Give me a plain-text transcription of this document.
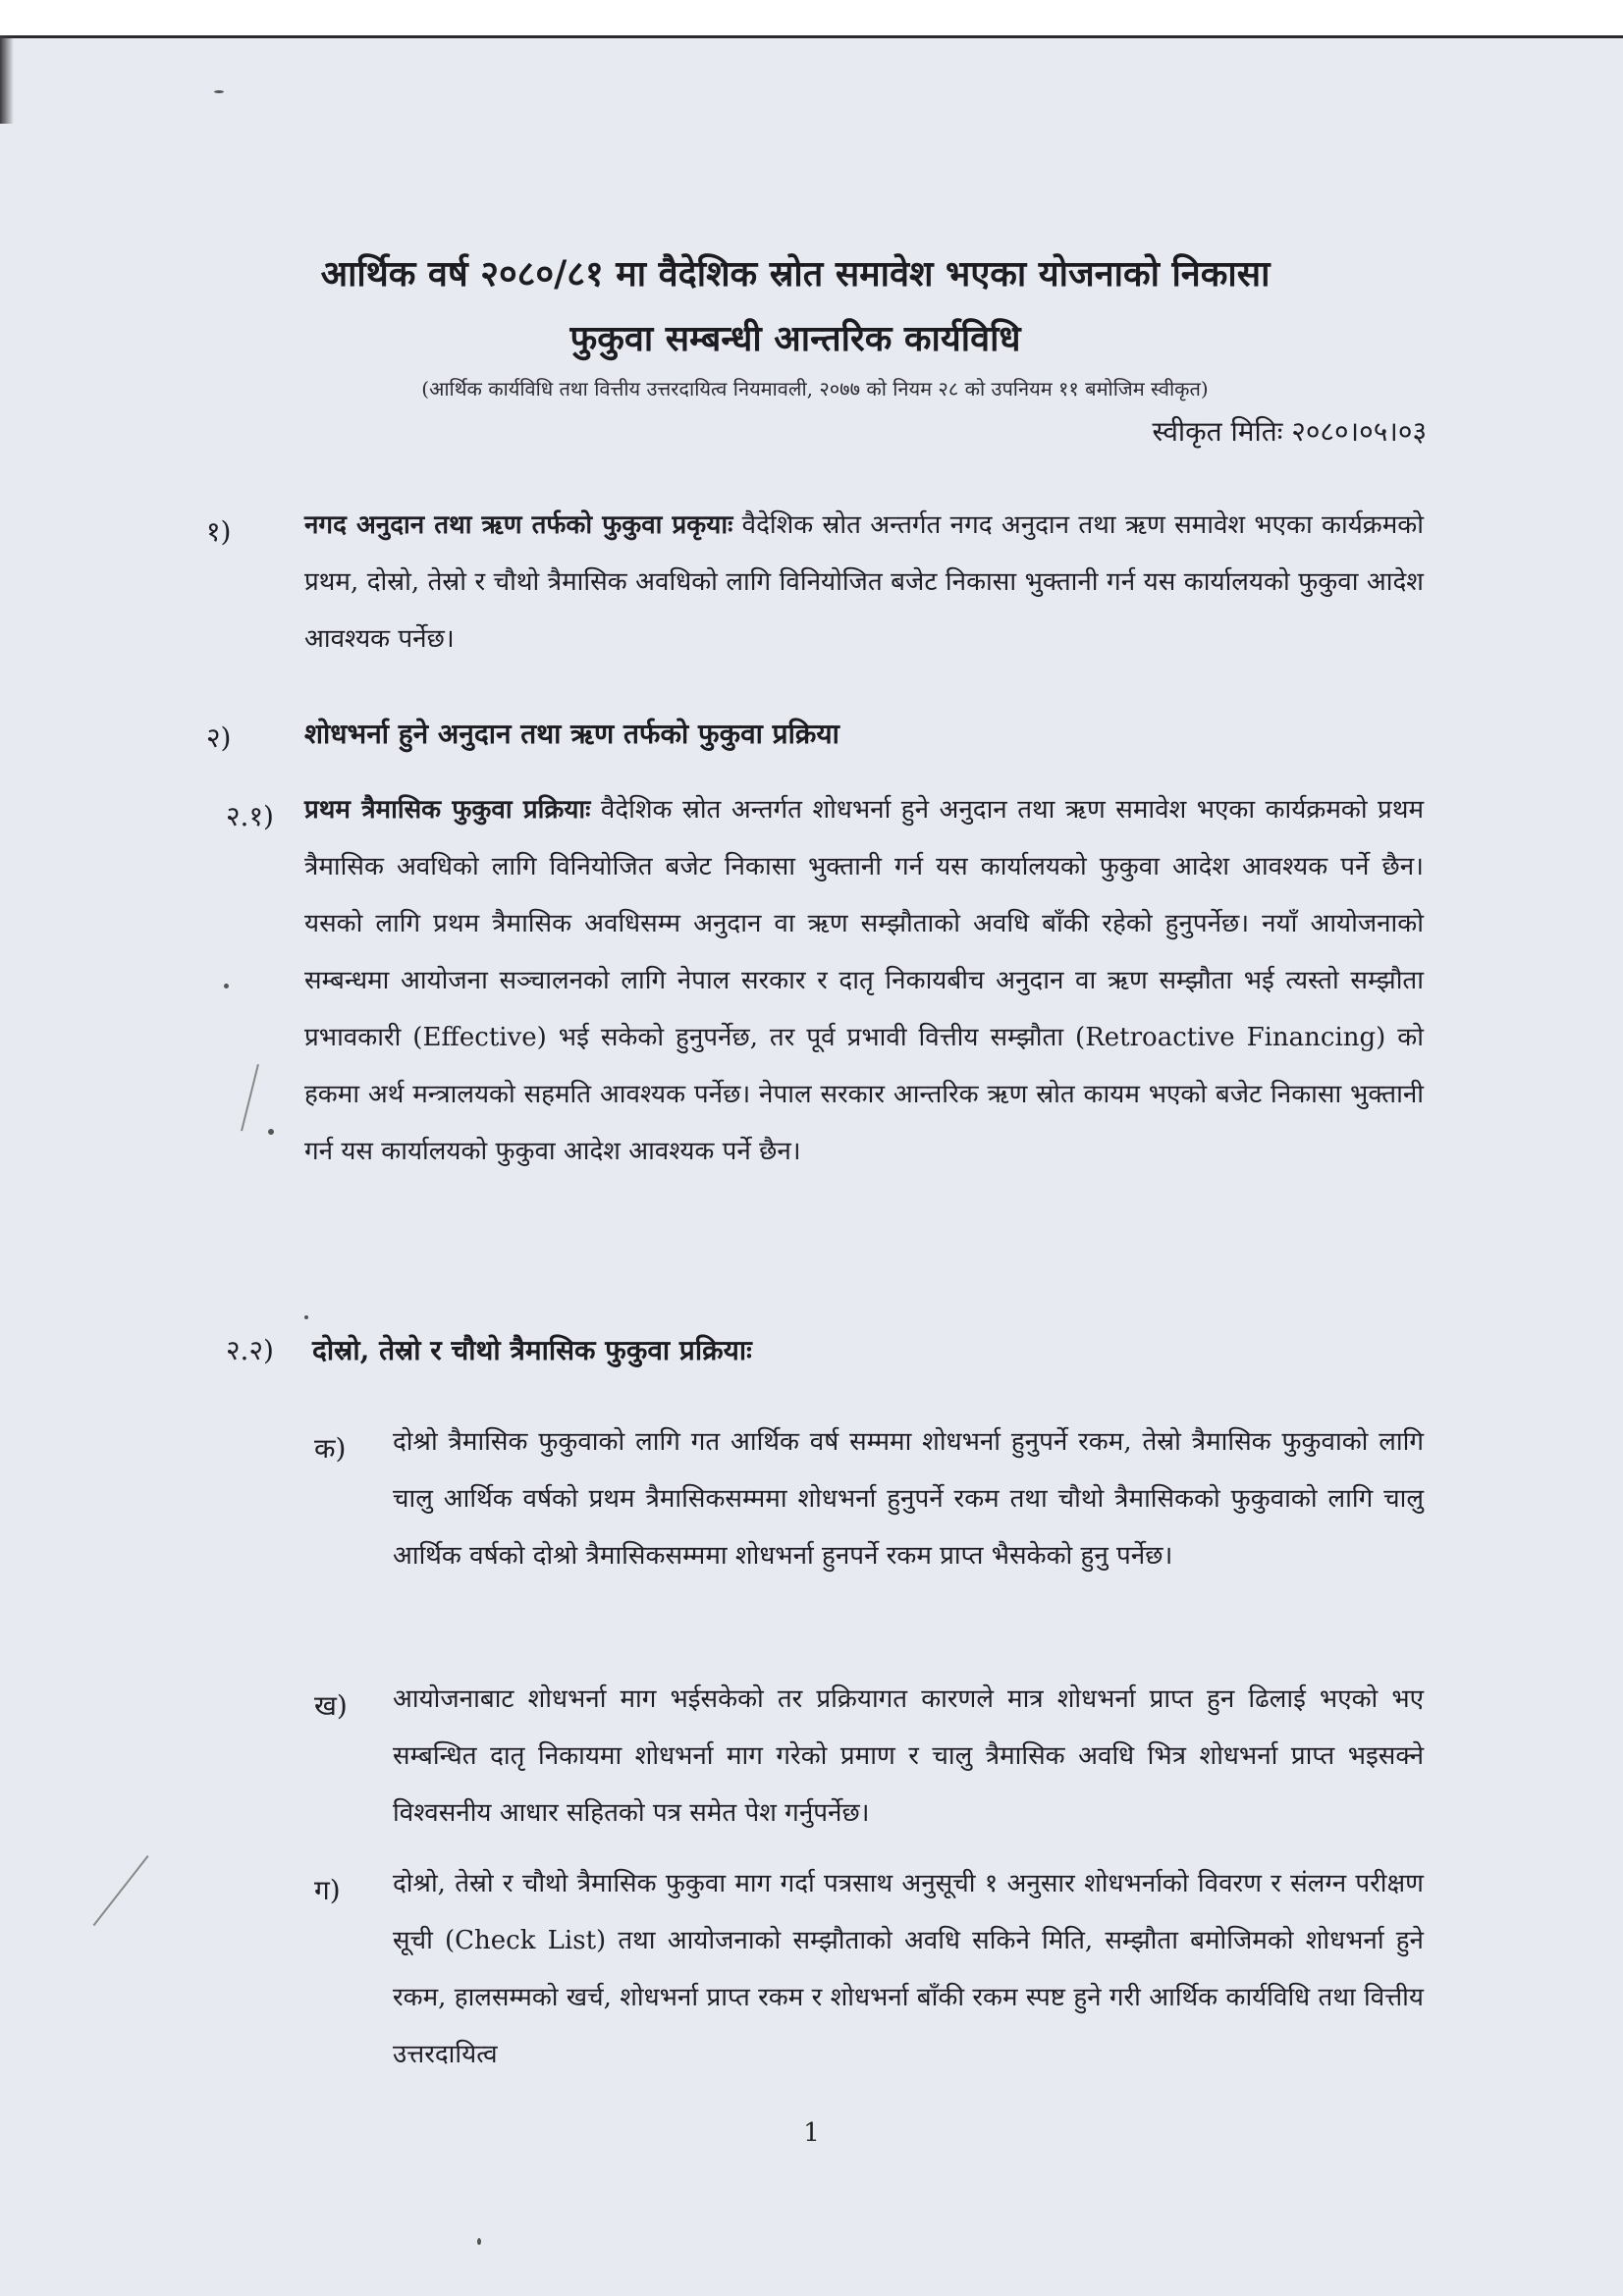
आर्थिक वर्ष २०८०/८१ मा वैदेशिक स्रोत समावेश भएका योजनाको निकासा
फुकुवा सम्बन्धी आन्तरिक कार्यविधि
(आर्थिक कार्यविधि तथा वित्तीय उत्तरदायित्व नियमावली, २०७७ को नियम २८ को उपनियम ११ बमोजिम स्वीकृत)
स्वीकृत मितिः २०८०।०५।०३
१)	नगद अनुदान तथा ऋण तर्फको फुकुवा प्रकृयाः वैदेशिक स्रोत अन्तर्गत नगद अनुदान तथा ऋण समावेश भएका कार्यक्रमको प्रथम, दोस्रो, तेस्रो र चौथो त्रैमासिक अवधिको लागि विनियोजित बजेट निकासा भुक्तानी गर्न यस कार्यालयको फुकुवा आदेश आवश्यक पर्नेछ।
२)	शोधभर्ना हुने अनुदान तथा ऋण तर्फको फुकुवा प्रक्रिया
२.१) प्रथम त्रैमासिक फुकुवा प्रक्रियाः वैदेशिक स्रोत अन्तर्गत शोधभर्ना हुने अनुदान तथा ऋण समावेश भएका कार्यक्रमको प्रथम त्रैमासिक अवधिको लागि विनियोजित बजेट निकासा भुक्तानी गर्न यस कार्यालयको फुकुवा आदेश आवश्यक पर्ने छैन। यसको लागि प्रथम त्रैमासिक अवधिसम्म अनुदान वा ऋण सम्झौताको अवधि बाँकी रहेको हुनुपर्नेछ। नयाँ आयोजनाको सम्बन्धमा आयोजना सञ्चालनको लागि नेपाल सरकार र दातृ निकायबीच अनुदान वा ऋण सम्झौता भई त्यस्तो सम्झौता प्रभावकारी (Effective) भई सकेको हुनुपर्नेछ, तर पूर्व प्रभावी वित्तीय सम्झौता (Retroactive Financing) को हकमा अर्थ मन्त्रालयको सहमति आवश्यक पर्नेछ। नेपाल सरकार आन्तरिक ऋण स्रोत कायम भएको बजेट निकासा भुक्तानी गर्न यस कार्यालयको फुकुवा आदेश आवश्यक पर्ने छैन।
२.२) दोस्रो, तेस्रो र चौथो त्रैमासिक फुकुवा प्रक्रियाः
क) दोश्रो त्रैमासिक फुकुवाको लागि गत आर्थिक वर्ष सम्ममा शोधभर्ना हुनुपर्ने रकम, तेस्रो त्रैमासिक फुकुवाको लागि चालु आर्थिक वर्षको प्रथम त्रैमासिकसम्ममा शोधभर्ना हुनुपर्ने रकम तथा चौथो त्रैमासिकको फुकुवाको लागि चालु आर्थिक वर्षको दोश्रो त्रैमासिकसम्ममा शोधभर्ना हुनपर्ने रकम प्राप्त भैसकेको हुनु पर्नेछ।
ख) आयोजनाबाट शोधभर्ना माग भईसकेको तर प्रक्रियागत कारणले मात्र शोधभर्ना प्राप्त हुन ढिलाई भएको भए सम्बन्धित दातृ निकायमा शोधभर्ना माग गरेको प्रमाण र चालु त्रैमासिक अवधि भित्र शोधभर्ना प्राप्त भइसक्ने विश्वसनीय आधार सहितको पत्र समेत पेश गर्नुपर्नेछ।
ग) दोश्रो, तेस्रो र चौथो त्रैमासिक फुकुवा माग गर्दा पत्रसाथ अनुसूची १ अनुसार शोधभर्नाको विवरण र संलग्न परीक्षण सूची (Check List) तथा आयोजनाको सम्झौताको अवधि सकिने मिति, सम्झौता बमोजिमको शोधभर्ना हुने रकम, हालसम्मको खर्च, शोधभर्ना प्राप्त रकम र शोधभर्ना बाँकी रकम स्पष्ट हुने गरी आर्थिक कार्यविधि तथा वित्तीय उत्तरदायित्व
1
